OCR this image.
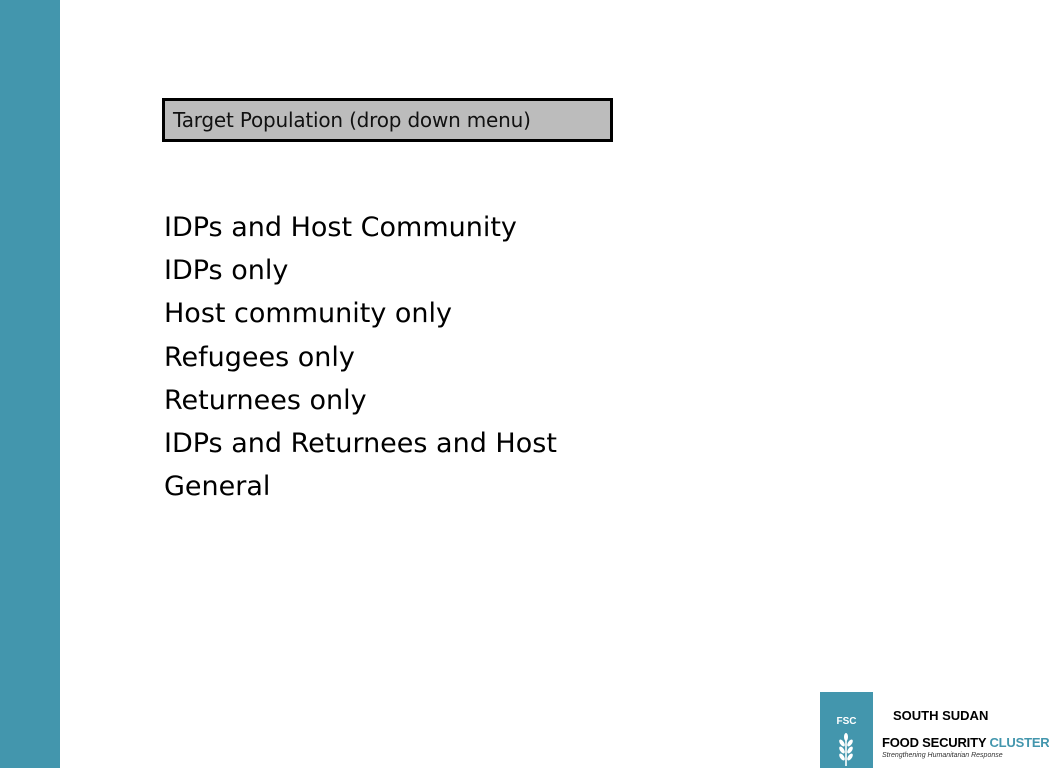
Target Population (drop down menu)
IDPs and Host Community
IDPs only
Host community only
Refugees only
Returnees only
IDPs and Returnees and Host
General
FSC	SOUTH SUDAN
FOOD SECURITY CLUSTER
Strengthening Humanitarian Response
